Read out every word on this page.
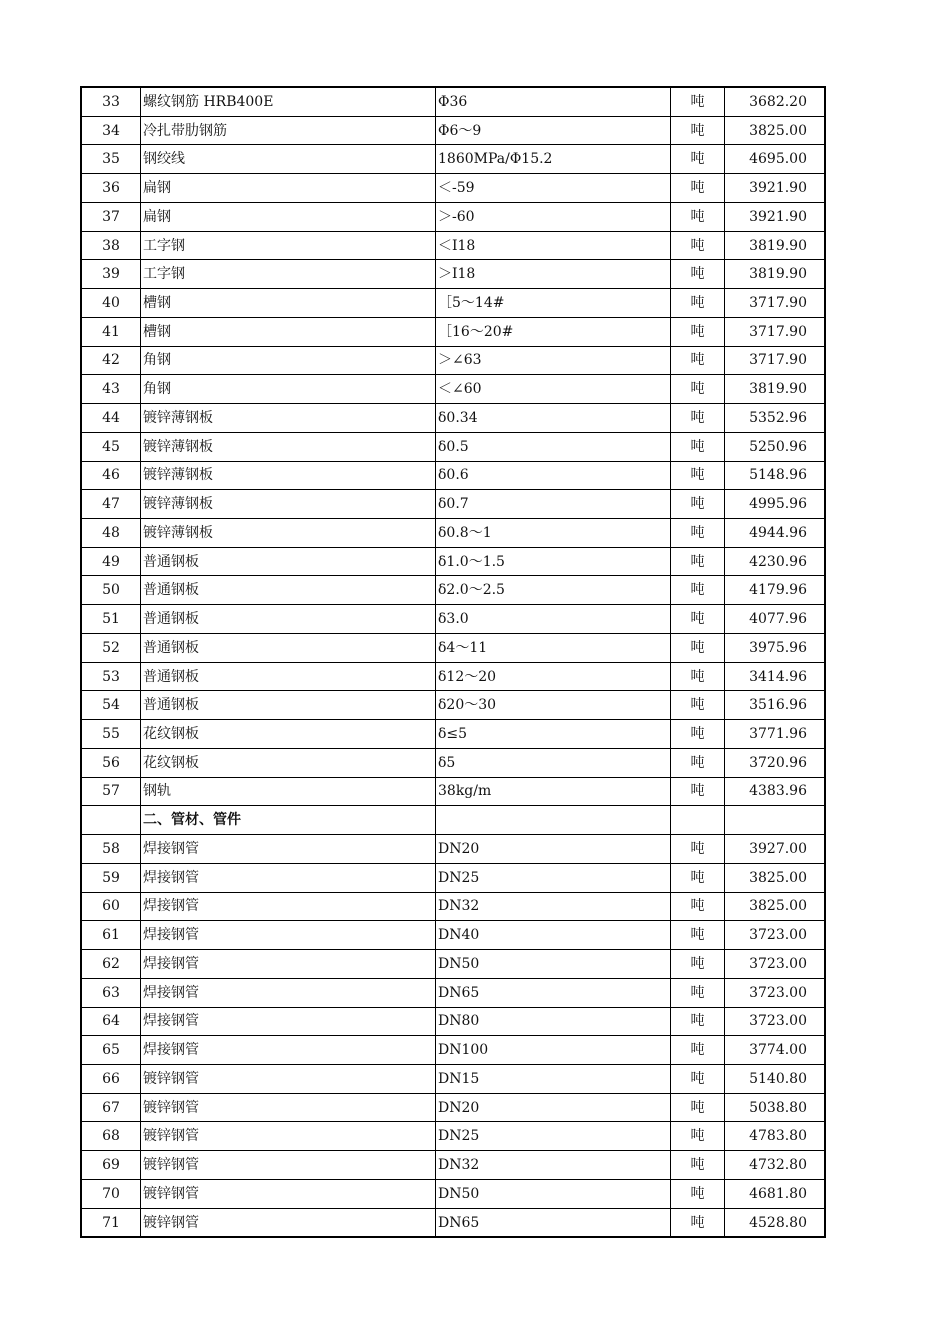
33	螺纹钢筋 HRB400E	Φ36	吨	3682.20
34	冷扎带肋钢筋	Φ6～9	吨	3825.00
35	钢绞线	1860MPa/Φ15.2	吨	4695.00
36	扁钢	＜-59	吨	3921.90
37	扁钢	＞-60	吨	3921.90
38	工字钢	＜Ⅰ18	吨	3819.90
39	工字钢	＞Ⅰ18	吨	3819.90
40	槽钢	［5～14#	吨	3717.90
41	槽钢	［16～20#	吨	3717.90
42	角钢	＞∠63	吨	3717.90
43	角钢	＜∠60	吨	3819.90
44	镀锌薄钢板	δ0.34	吨	5352.96
45	镀锌薄钢板	δ0.5	吨	5250.96
46	镀锌薄钢板	δ0.6	吨	5148.96
47	镀锌薄钢板	δ0.7	吨	4995.96
48	镀锌薄钢板	δ0.8～1	吨	4944.96
49	普通钢板	δ1.0～1.5	吨	4230.96
50	普通钢板	δ2.0～2.5	吨	4179.96
51	普通钢板	δ3.0	吨	4077.96
52	普通钢板	δ4～11	吨	3975.96
53	普通钢板	δ12～20	吨	3414.96
54	普通钢板	δ20～30	吨	3516.96
55	花纹钢板	δ≤5	吨	3771.96
56	花纹钢板	δ5	吨	3720.96
57	钢轨	38kg/m	吨	4383.96
	二、管材、管件			
58	焊接钢管	DN20	吨	3927.00
59	焊接钢管	DN25	吨	3825.00
60	焊接钢管	DN32	吨	3825.00
61	焊接钢管	DN40	吨	3723.00
62	焊接钢管	DN50	吨	3723.00
63	焊接钢管	DN65	吨	3723.00
64	焊接钢管	DN80	吨	3723.00
65	焊接钢管	DN100	吨	3774.00
66	镀锌钢管	DN15	吨	5140.80
67	镀锌钢管	DN20	吨	5038.80
68	镀锌钢管	DN25	吨	4783.80
69	镀锌钢管	DN32	吨	4732.80
70	镀锌钢管	DN50	吨	4681.80
71	镀锌钢管	DN65	吨	4528.80
